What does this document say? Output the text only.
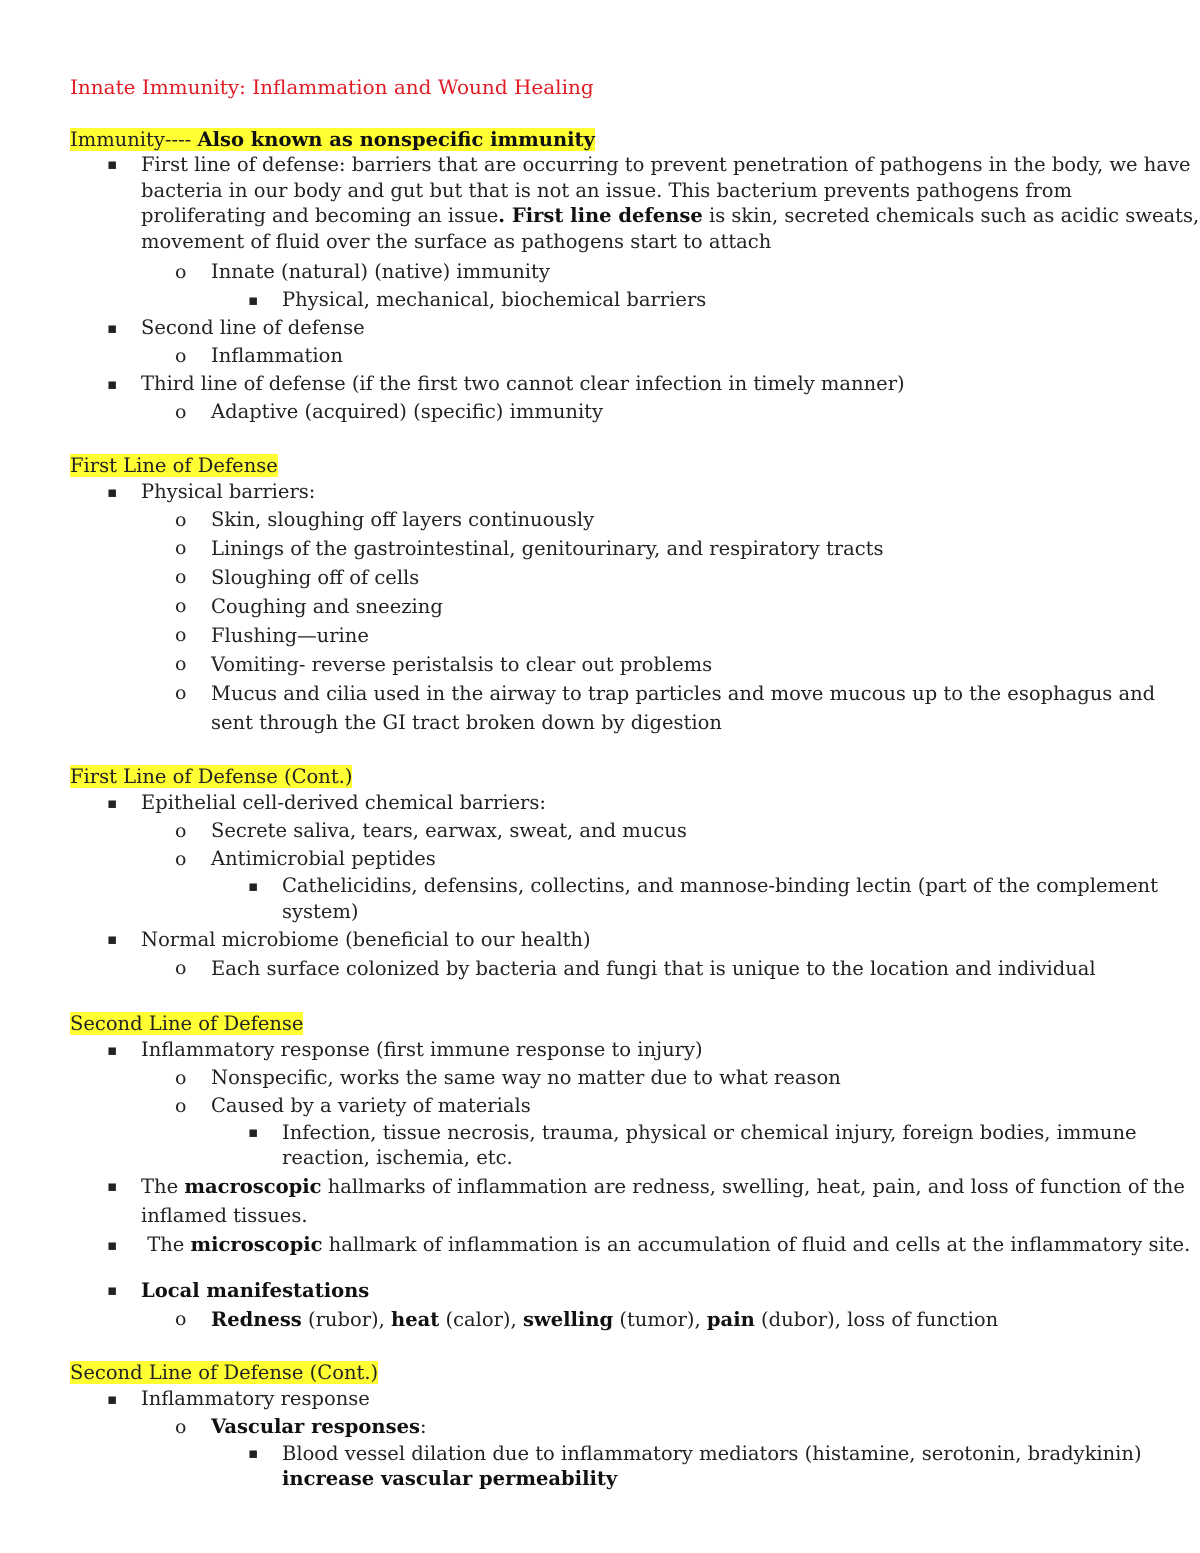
Innate Immunity: Inflammation and Wound Healing
Immunity---- Also known as nonspecific immunity
▪ First line of defense: barriers that are occurring to prevent penetration of pathogens in the body, we have bacteria in our body and gut but that is not an issue. This bacterium prevents pathogens from proliferating and becoming an issue. First line defense is skin, secreted chemicals such as acidic sweats, movement of fluid over the surface as pathogens start to attach
o Innate (natural) (native) immunity
▪ Physical, mechanical, biochemical barriers
▪ Second line of defense
o Inflammation
▪ Third line of defense (if the first two cannot clear infection in timely manner)
o Adaptive (acquired) (specific) immunity
First Line of Defense
▪ Physical barriers:
o Skin, sloughing off layers continuously
o Linings of the gastrointestinal, genitourinary, and respiratory tracts
o Sloughing off of cells
o Coughing and sneezing
o Flushing—urine
o Vomiting- reverse peristalsis to clear out problems
o Mucus and cilia used in the airway to trap particles and move mucous up to the esophagus and sent through the GI tract broken down by digestion
First Line of Defense (Cont.)
▪ Epithelial cell-derived chemical barriers:
o Secrete saliva, tears, earwax, sweat, and mucus
o Antimicrobial peptides
▪ Cathelicidins, defensins, collectins, and mannose-binding lectin (part of the complement system)
▪ Normal microbiome (beneficial to our health)
o Each surface colonized by bacteria and fungi that is unique to the location and individual
Second Line of Defense
▪ Inflammatory response (first immune response to injury)
o Nonspecific, works the same way no matter due to what reason
o Caused by a variety of materials
▪ Infection, tissue necrosis, trauma, physical or chemical injury, foreign bodies, immune reaction, ischemia, etc.
▪ The macroscopic hallmarks of inflammation are redness, swelling, heat, pain, and loss of function of the inflamed tissues.
▪ The microscopic hallmark of inflammation is an accumulation of fluid and cells at the inflammatory site.
▪ Local manifestations
o Redness (rubor), heat (calor), swelling (tumor), pain (dubor), loss of function
Second Line of Defense (Cont.)
▪ Inflammatory response
o Vascular responses:
▪ Blood vessel dilation due to inflammatory mediators (histamine, serotonin, bradykinin)
increase vascular permeability
